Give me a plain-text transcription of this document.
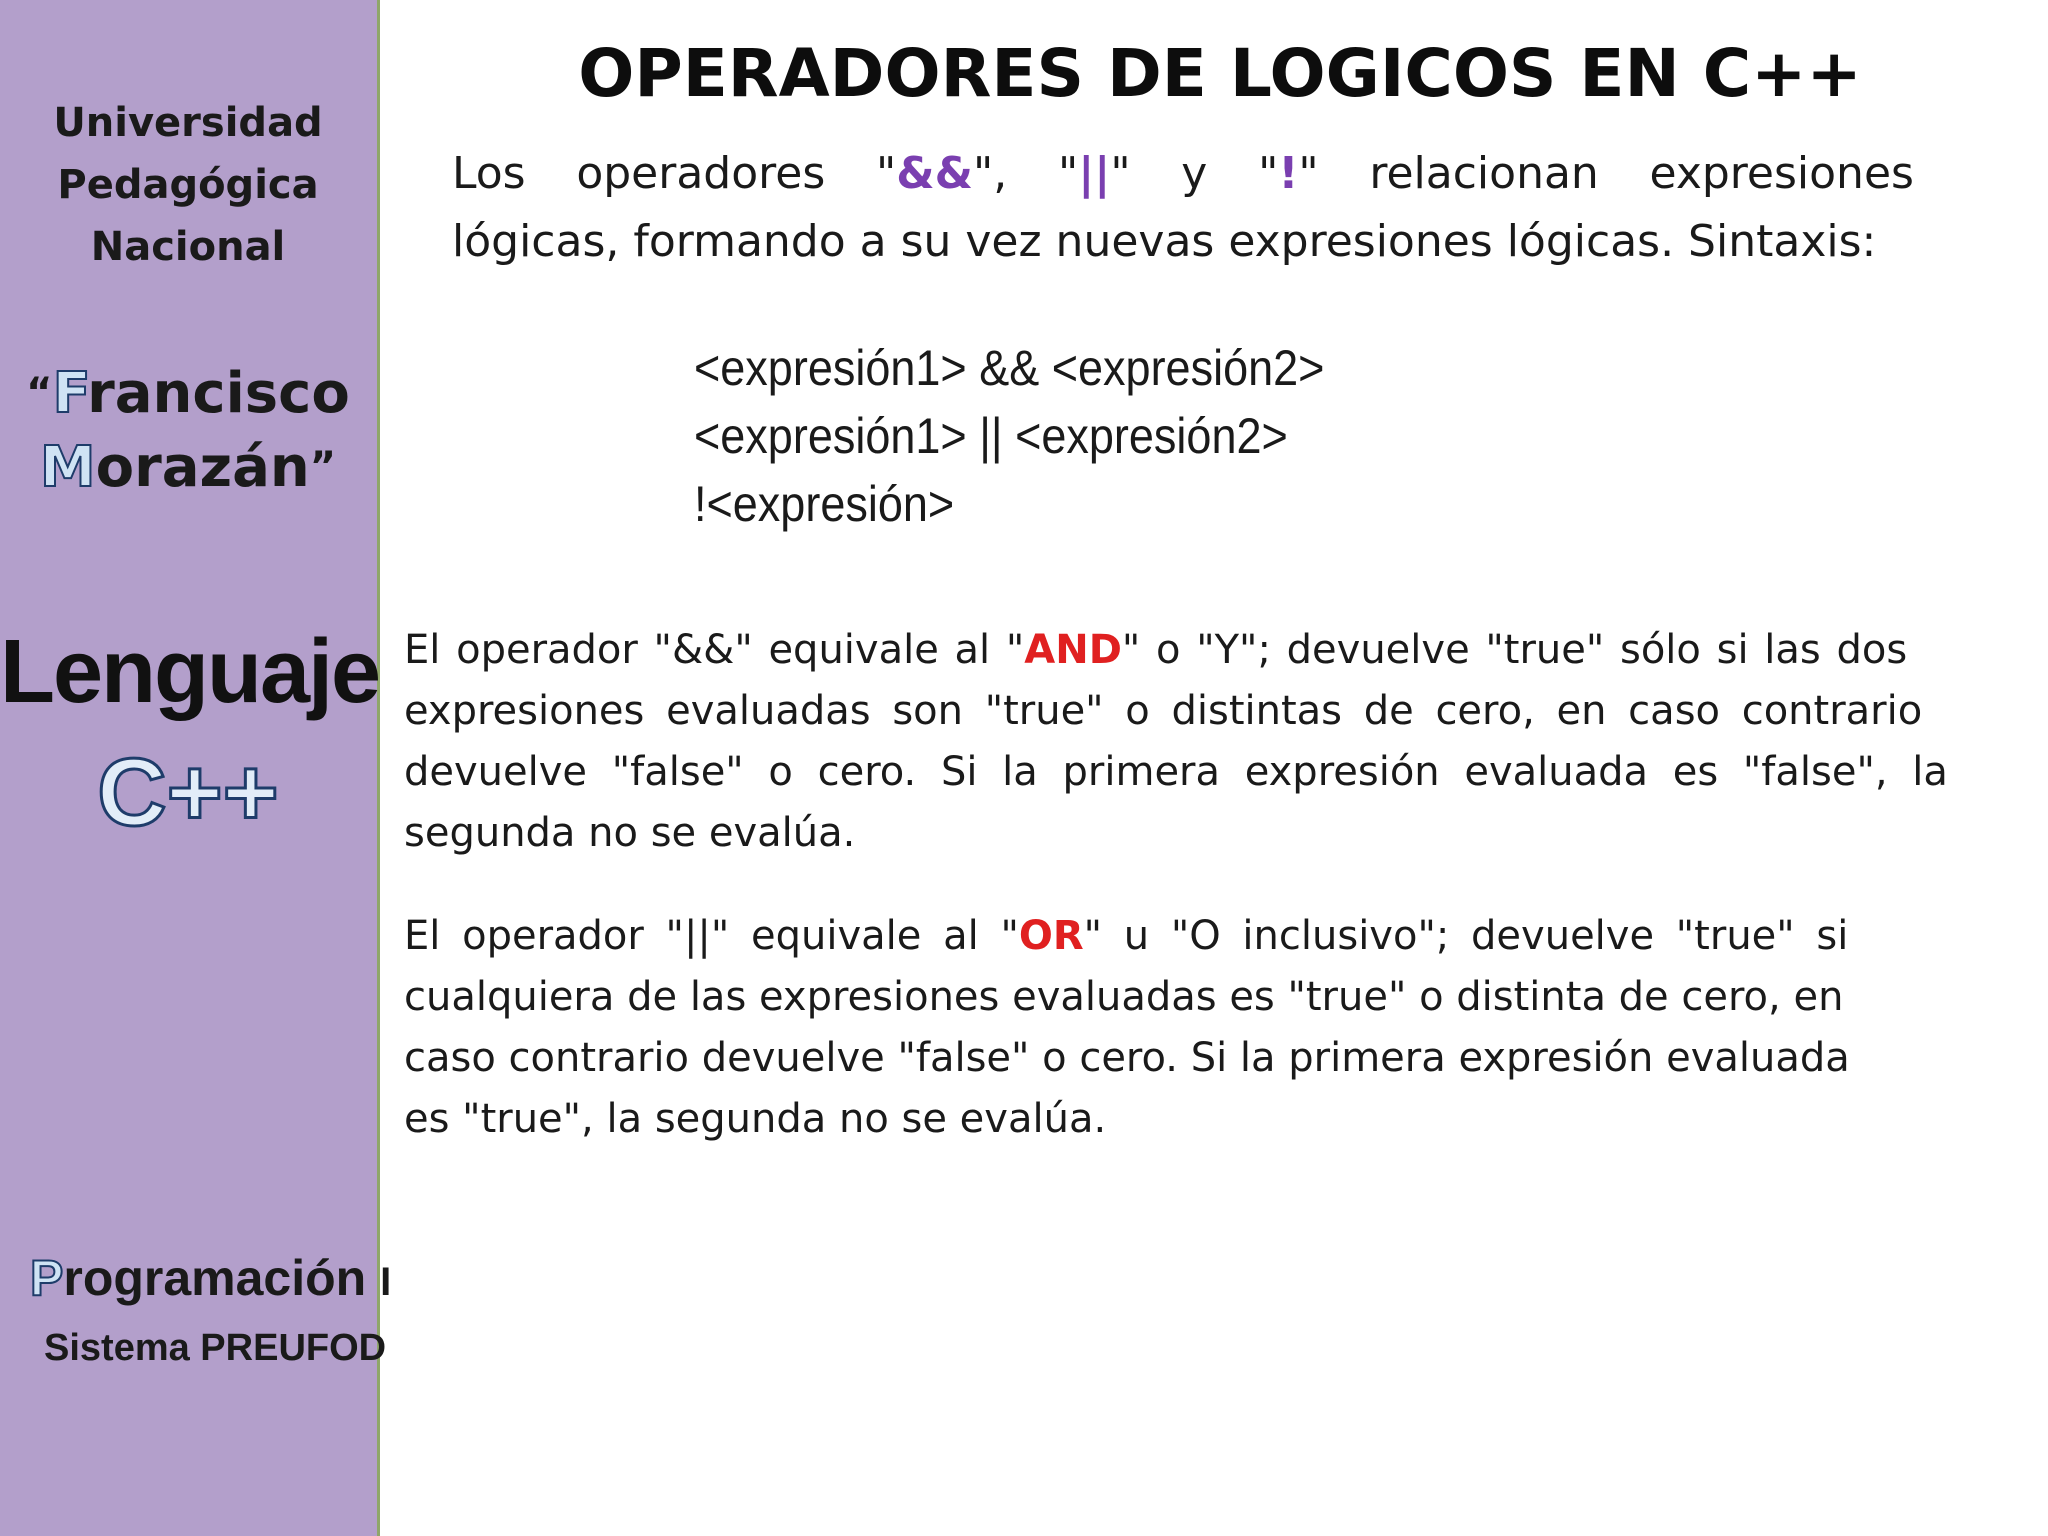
Universidad
Pedagógica
Nacional
“Francisco
Morazán”
Lenguaje
C++
Programación I
Sistema PREUFOD
OPERADORES DE LOGICOS EN C++
Los operadores "&&", "||" y "!" relacionan expresiones
lógicas, formando a su vez nuevas expresiones lógicas. Sintaxis:
<expresión1> && <expresión2>
<expresión1> || <expresión2>
!<expresión>
El operador "&&" equivale al " AND " o "Y"; devuelve "true" sólo si las dos
expresiones evaluadas son "true" o distintas de cero, en caso contrario
devuelve "false" o cero. Si la primera expresión evaluada es "false", la
segunda no se evalúa.
El operador "||" equivale al " OR " u "O inclusivo"; devuelve "true" si
cualquiera de las expresiones evaluadas es "true" o distinta de cero, en
caso contrario devuelve "false" o cero. Si la primera expresión evaluada
es "true", la segunda no se evalúa.
